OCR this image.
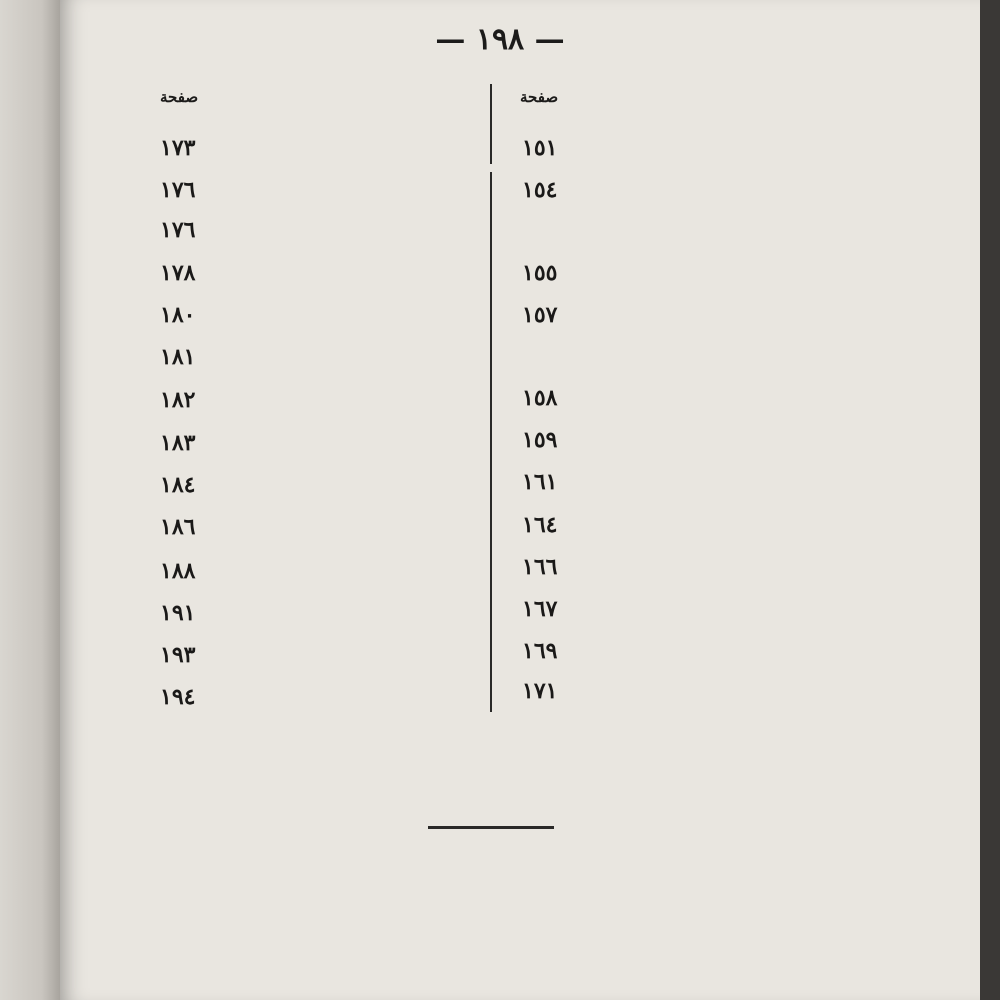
— ١٩٨ —
صفحة
صفحة
١٥١
١٥٤
١٥٥
١٥٧
١٥٨
١٥٩
١٦١
١٦٤
١٦٦
١٦٧
١٦٩
١٧١
١٧٣
١٧٦
١٧٦
١٧٨
١٨٠
١٨١
١٨٢
١٨٣
١٨٤
١٨٦
١٨٨
١٩١
١٩٣
١٩٤
